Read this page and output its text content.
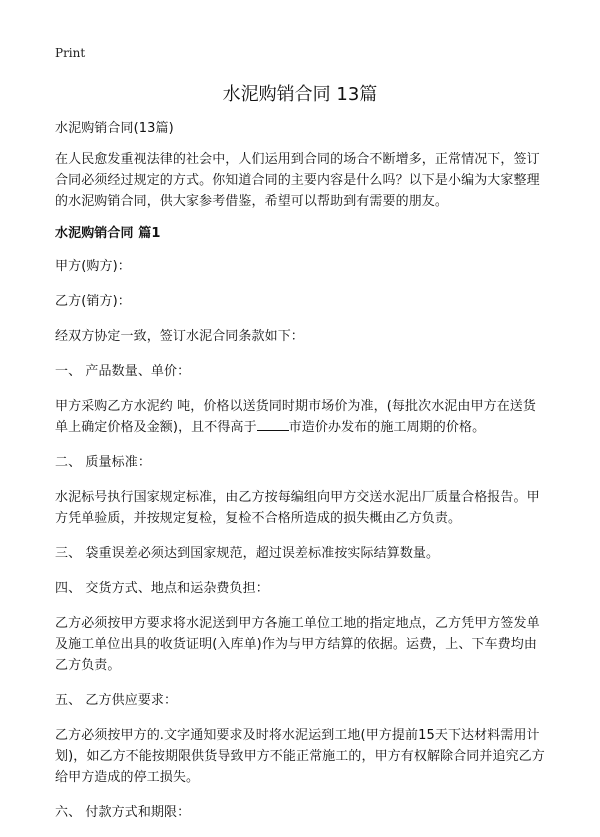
Print
水泥购销合同 13篇

水泥购销合同(13篇)

在人民愈发重视法律的社会中，人们运用到合同的场合不断增多，正常情况下，签订合同必须经过规定的方式。你知道合同的主要内容是什么吗？以下是小编为大家整理的水泥购销合同，供大家参考借鉴，希望可以帮助到有需要的朋友。

水泥购销合同 篇1

甲方(购方)：

乙方(销方)：

经双方协定一致，签订水泥合同条款如下：

一、 产品数量、单价：

甲方采购乙方水泥约 吨，价格以送货同时期市场价为准，(每批次水泥由甲方在送货单上确定价格及金额)，且不得高于 市造价办发布的施工周期的价格。

二、 质量标准：

水泥标号执行国家规定标准，由乙方按每编组向甲方交送水泥出厂质量合格报告。甲方凭单验质，并按规定复检，复检不合格所造成的损失概由乙方负责。

三、 袋重误差必须达到国家规范，超过误差标准按实际结算数量。

四、 交货方式、地点和运杂费负担：

乙方必须按甲方要求将水泥送到甲方各施工单位工地的指定地点，乙方凭甲方签发单及施工单位出具的收货证明(入库单)作为与甲方结算的依据。运费，上、下车费均由乙方负责。

五、 乙方供应要求：

乙方必须按甲方的.文字通知要求及时将水泥运到工地(甲方提前15天下达材料需用计划)，如乙方不能按期限供货导致甲方不能正常施工的，甲方有权解除合同并追究乙方给甲方造成的停工损失。

六、 付款方式和期限：
